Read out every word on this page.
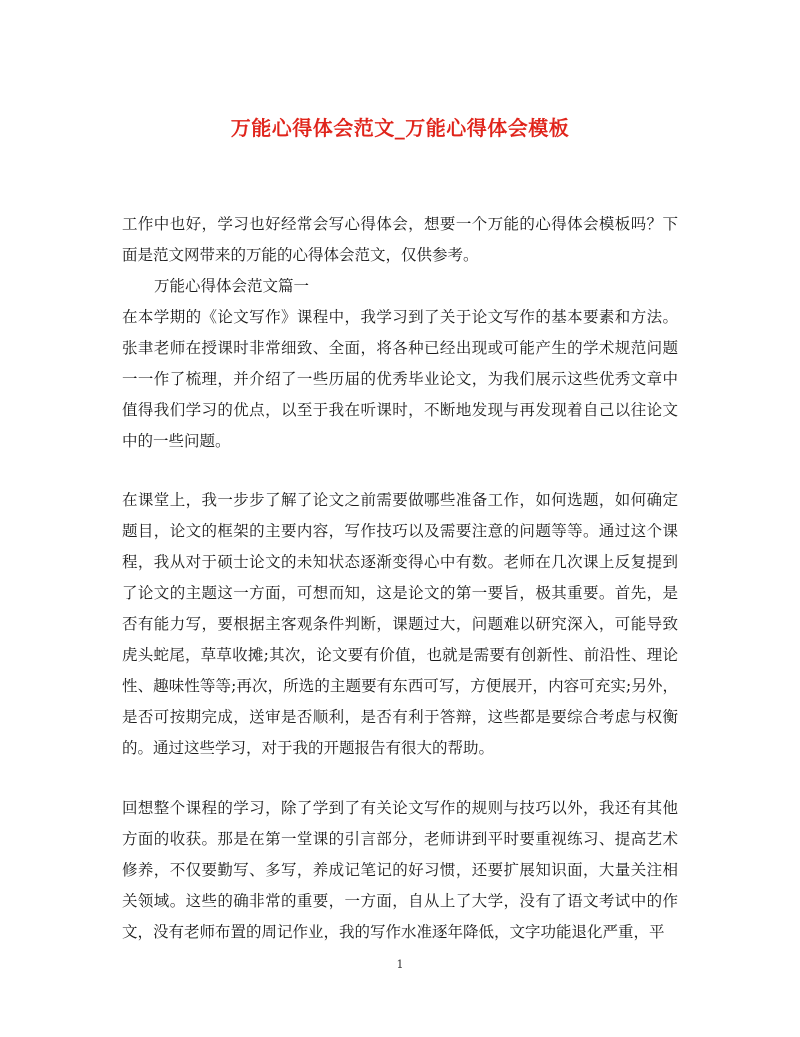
万能心得体会范文_万能心得体会模板
工作中也好，学习也好经常会写心得体会，想要一个万能的心得体会模板吗？下面是范文网带来的万能的心得体会范文，仅供参考。
万能心得体会范文篇一
在本学期的《论文写作》课程中，我学习到了关于论文写作的基本要素和方法。张聿老师在授课时非常细致、全面，将各种已经出现或可能产生的学术规范问题一一作了梳理，并介绍了一些历届的优秀毕业论文，为我们展示这些优秀文章中值得我们学习的优点，以至于我在听课时，不断地发现与再发现着自己以往论文中的一些问题。
在课堂上，我一步步了解了论文之前需要做哪些准备工作，如何选题，如何确定题目，论文的框架的主要内容，写作技巧以及需要注意的问题等等。通过这个课程，我从对于硕士论文的未知状态逐渐变得心中有数。老师在几次课上反复提到了论文的主题这一方面，可想而知，这是论文的第一要旨，极其重要。首先，是否有能力写，要根据主客观条件判断，课题过大，问题难以研究深入，可能导致虎头蛇尾，草草收摊;其次，论文要有价值，也就是需要有创新性、前沿性、理论性、趣味性等等;再次，所选的主题要有东西可写，方便展开，内容可充实;另外，是否可按期完成，送审是否顺利，是否有利于答辩，这些都是要综合考虑与权衡的。通过这些学习，对于我的开题报告有很大的帮助。
回想整个课程的学习，除了学到了有关论文写作的规则与技巧以外，我还有其他方面的收获。那是在第一堂课的引言部分，老师讲到平时要重视练习、提高艺术修养，不仅要勤写、多写，养成记笔记的好习惯，还要扩展知识面，大量关注相关领域。这些的确非常的重要，一方面，自从上了大学，没有了语文考试中的作文，没有老师布置的周记作业，我的写作水准逐年降低，文字功能退化严重，平
1
